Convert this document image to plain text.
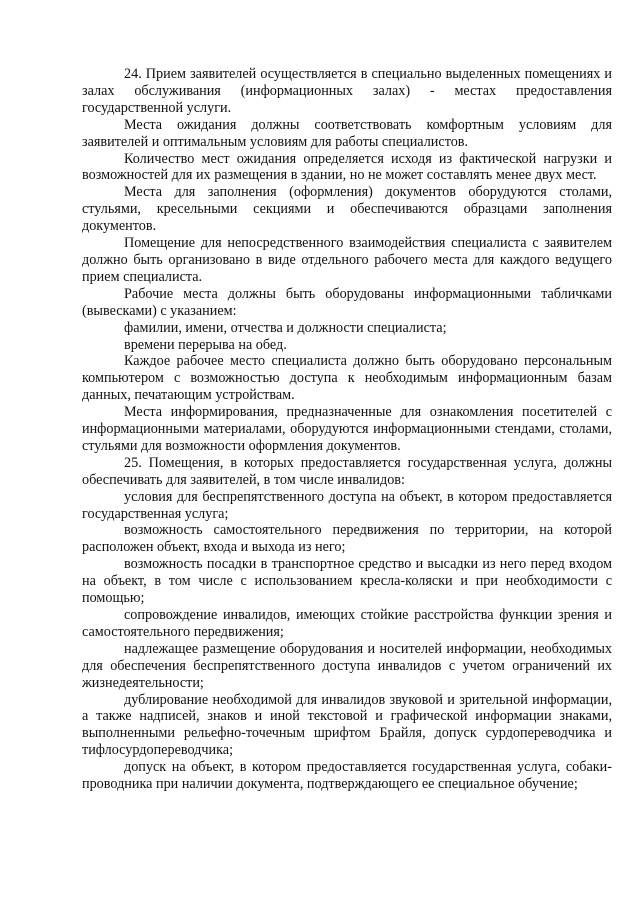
24. Прием заявителей осуществляется в специально выделенных помещениях и залах обслуживания (информационных залах) - местах предоставления государственной услуги.

Места ожидания должны соответствовать комфортным условиям для заявителей и оптимальным условиям для работы специалистов.

Количество мест ожидания определяется исходя из фактической нагрузки и возможностей для их размещения в здании, но не может составлять менее двух мест.

Места для заполнения (оформления) документов оборудуются столами, стульями, кресельными секциями и обеспечиваются образцами заполнения документов.

Помещение для непосредственного взаимодействия специалиста с заявителем должно быть организовано в виде отдельного рабочего места для каждого ведущего прием специалиста.

Рабочие места должны быть оборудованы информационными табличками (вывесками) с указанием:

фамилии, имени, отчества и должности специалиста;

времени перерыва на обед.

Каждое рабочее место специалиста должно быть оборудовано персональным компьютером с возможностью доступа к необходимым информационным базам данных, печатающим устройствам.

Места информирования, предназначенные для ознакомления посетителей с информационными материалами, оборудуются информационными стендами, столами, стульями для возможности оформления документов.

25. Помещения, в которых предоставляется государственная услуга, должны обеспечивать для заявителей, в том числе инвалидов:

условия для беспрепятственного доступа на объект, в котором предоставляется государственная услуга;

возможность самостоятельного передвижения по территории, на которой расположен объект, входа и выхода из него;

возможность посадки в транспортное средство и высадки из него перед входом на объект, в том числе с использованием кресла-коляски и при необходимости с помощью;

сопровождение инвалидов, имеющих стойкие расстройства функции зрения и самостоятельного передвижения;

надлежащее размещение оборудования и носителей информации, необходимых для обеспечения беспрепятственного доступа инвалидов с учетом ограничений их жизнедеятельности;

дублирование необходимой для инвалидов звуковой и зрительной информации, а также надписей, знаков и иной текстовой и графической информации знаками, выполненными рельефно-точечным шрифтом Брайля, допуск сурдопереводчика и тифлосурдопереводчика;

допуск на объект, в котором предоставляется государственная услуга, собаки-проводника при наличии документа, подтверждающего ее специальное обучение;
